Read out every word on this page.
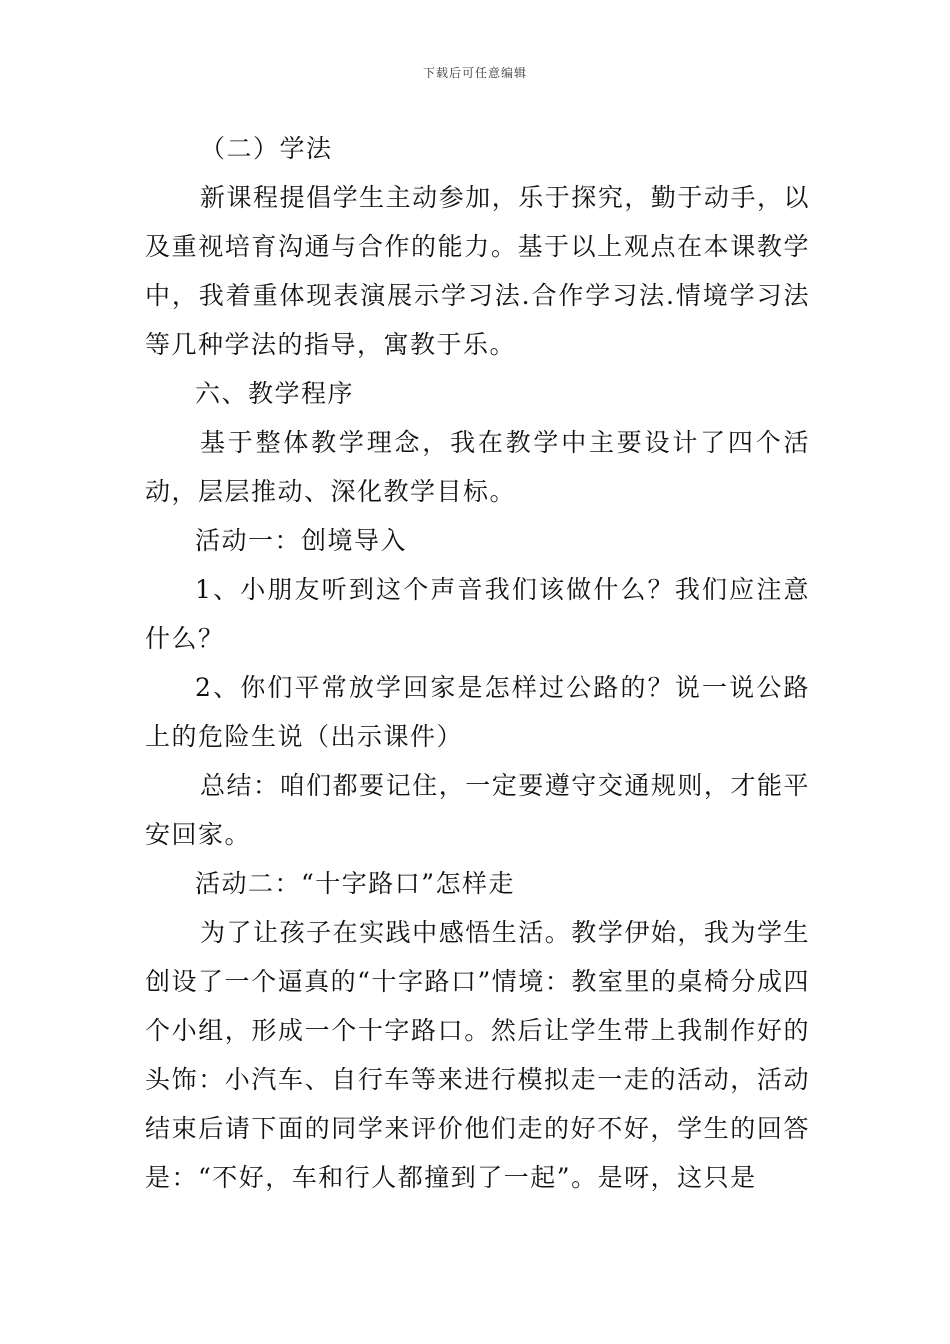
下载后可任意编辑

（二）学法

新课程提倡学生主动参加，乐于探究，勤于动手，以及重视培育沟通与合作的能力。基于以上观点在本课教学中，我着重体现表演展示学习法.合作学习法.情境学习法等几种学法的指导，寓教于乐。

六、教学程序

基于整体教学理念，我在教学中主要设计了四个活动，层层推动、深化教学目标。

活动一：创境导入

1、小朋友听到这个声音我们该做什么？我们应注意什么？

2、你们平常放学回家是怎样过公路的？说一说公路上的危险生说（出示课件）

总结：咱们都要记住，一定要遵守交通规则，才能平安回家。

活动二：“十字路口”怎样走

为了让孩子在实践中感悟生活。教学伊始，我为学生创设了一个逼真的“十字路口”情境：教室里的桌椅分成四个小组，形成一个十字路口。然后让学生带上我制作好的头饰：小汽车、自行车等来进行模拟走一走的活动，活动结束后请下面的同学来评价他们走的好不好，学生的回答是：“不好，车和行人都撞到了一起”。是呀，这只是
